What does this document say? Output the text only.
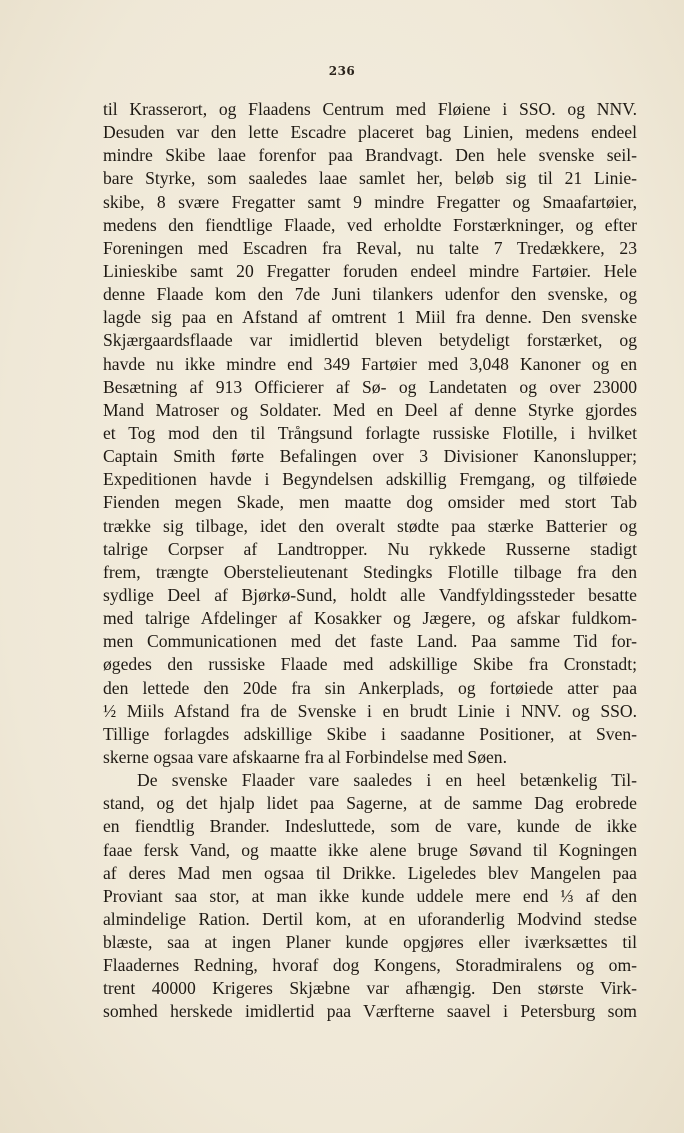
236
til Krasserort, og Flaadens Centrum med Fløiene i SSO. og NNV.
Desuden var den lette Escadre placeret bag Linien, medens endeel
mindre Skibe laae forenfor paa Brandvagt. Den hele svenske seil-
bare Styrke, som saaledes laae samlet her, beløb sig til 21 Linie-
skibe, 8 svære Fregatter samt 9 mindre Fregatter og Smaafartøier,
medens den fiendtlige Flaade, ved erholdte Forstærkninger, og efter
Foreningen med Escadren fra Reval, nu talte 7 Tredækkere, 23
Linieskibe samt 20 Fregatter foruden endeel mindre Fartøier. Hele
denne Flaade kom den 7de Juni tilankers udenfor den svenske, og
lagde sig paa en Afstand af omtrent 1 Miil fra denne. Den svenske
Skjærgaardsflaade var imidlertid bleven betydeligt forstærket, og
havde nu ikke mindre end 349 Fartøier med 3,048 Kanoner og en
Besætning af 913 Officierer af Sø- og Landetaten og over 23000
Mand Matroser og Soldater. Med en Deel af denne Styrke gjordes
et Tog mod den til Trångsund forlagte russiske Flotille, i hvilket
Captain Smith førte Befalingen over 3 Divisioner Kanonslupper;
Expeditionen havde i Begyndelsen adskillig Fremgang, og tilføiede
Fienden megen Skade, men maatte dog omsider med stort Tab
trække sig tilbage, idet den overalt stødte paa stærke Batterier og
talrige Corpser af Landtropper. Nu rykkede Russerne stadigt
frem, trængte Oberstelieutenant Stedingks Flotille tilbage fra den
sydlige Deel af Bjørkø-Sund, holdt alle Vandfyldingssteder besatte
med talrige Afdelinger af Kosakker og Jægere, og afskar fuldkom-
men Communicationen med det faste Land. Paa samme Tid for-
øgedes den russiske Flaade med adskillige Skibe fra Cronstadt;
den lettede den 20de fra sin Ankerplads, og fortøiede atter paa
½ Miils Afstand fra de Svenske i en brudt Linie i NNV. og SSO.
Tillige forlagdes adskillige Skibe i saadanne Positioner, at Sven-
skerne ogsaa vare afskaarne fra al Forbindelse med Søen.
De svenske Flaader vare saaledes i en heel betænkelig Til-
stand, og det hjalp lidet paa Sagerne, at de samme Dag erobrede
en fiendtlig Brander. Indesluttede, som de vare, kunde de ikke
faae fersk Vand, og maatte ikke alene bruge Søvand til Kogningen
af deres Mad men ogsaa til Drikke. Ligeledes blev Mangelen paa
Proviant saa stor, at man ikke kunde uddele mere end ⅓ af den
almindelige Ration. Dertil kom, at en uforanderlig Modvind stedse
blæste, saa at ingen Planer kunde opgjøres eller iværksættes til
Flaadernes Redning, hvoraf dog Kongens, Storadmiralens og om-
trent 40000 Krigeres Skjæbne var afhængig. Den største Virk-
somhed herskede imidlertid paa Værfterne saavel i Petersburg som
